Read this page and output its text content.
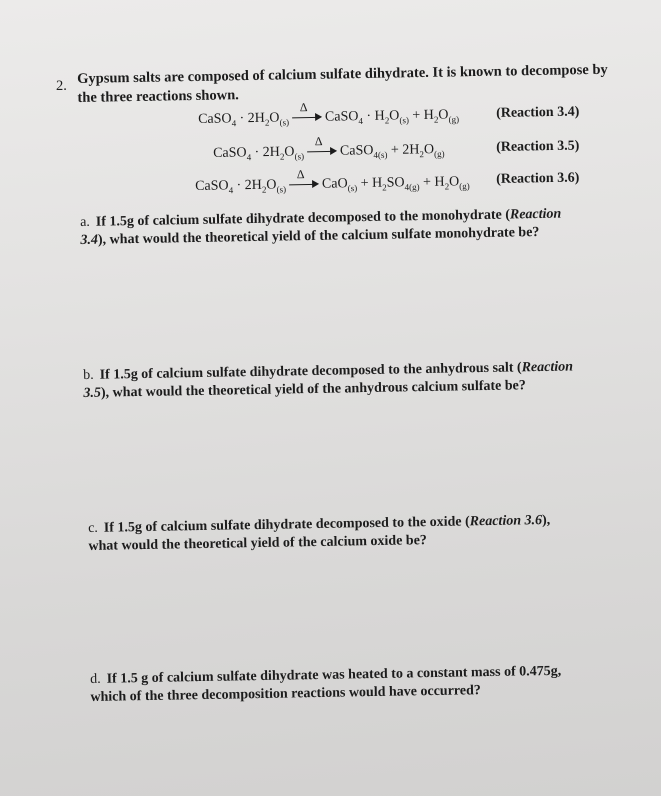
2. Gypsum salts are composed of calcium sulfate dihydrate. It is known to decompose by the three reactions shown.
CaSO$_4$ · $2H_2O_{(s)}$
Δ
CaSO$_4$ · $H_2O_{(s)} + H_2O_{(g)}$	(Reaction 3.4)
CaSO$_4$ · $2H_2O_{(s)}$
Δ
CaSO$_{4(s)}$ + $2H_2O_{(g)}$	(Reaction 3.5)
CaSO$_4$ · $2H_2O_{(s)}$
Δ
$CaO_{(s)} + H_2SO_{4(g)} + H_2O_{(g)}$ (Reaction 3.6)
a. If 1.5g of calcium sulfate dihydrate decomposed to the monohydrate (Reaction 3.4), what would the theoretical yield of the calcium sulfate monohydrate be?
b. If 1.5g of calcium sulfate dihydrate decomposed to the anhydrous salt (Reaction 3.5), what would the theoretical yield of the anhydrous calcium sulfate be?
c. If 1.5g of calcium sulfate dihydrate decomposed to the oxide (Reaction 3.6), what would the theoretical yield of the calcium oxide be?
d. If 1.5 g of calcium sulfate dihydrate was heated to a constant mass of 0.475g, which of the three decomposition reactions would have occurred?
